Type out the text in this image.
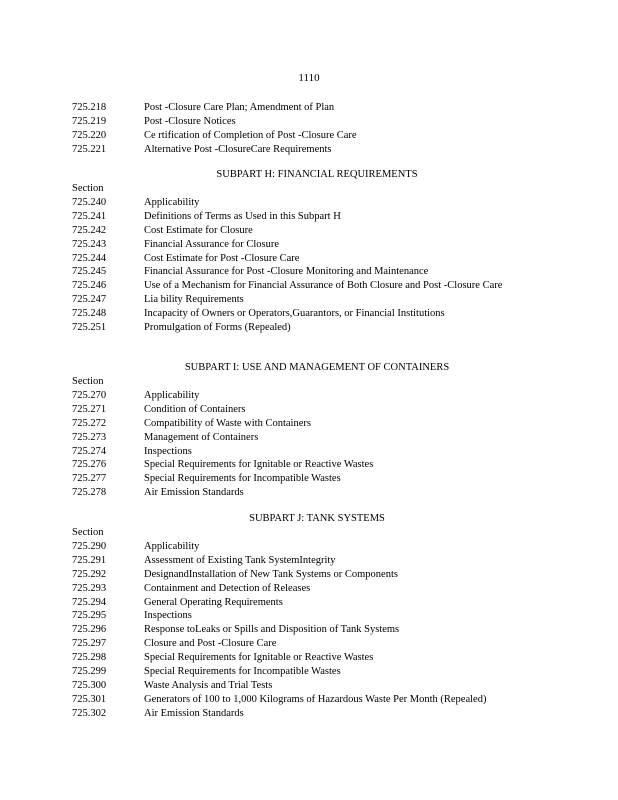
1110
725.218	Post -Closure Care Plan; Amendment of Plan
725.219	Post -Closure Notices
725.220	Ce rtification of Completion of Post -Closure Care
725.221	Alternative Post -ClosureCare Requirements
SUBPART H: FINANCIAL REQUIREMENTS
Section
725.240	Applicability
725.241	Definitions of Terms as Used in this Subpart H
725.242	Cost Estimate for Closure
725.243	Financial Assurance for Closure
725.244	Cost Estimate for Post -Closure Care
725.245	Financial Assurance for Post -Closure Monitoring and Maintenance
725.246	Use of a Mechanism for Financial Assurance of Both Closure and Post -Closure Care
725.247	Lia bility Requirements
725.248	Incapacity of Owners or Operators,Guarantors, or Financial Institutions
725.251	Promulgation of Forms (Repealed)
SUBPART I: USE AND MANAGEMENT OF CONTAINERS
Section
725.270	Applicability
725.271	Condition of Containers
725.272	Compatibility of Waste with Containers
725.273	Management of Containers
725.274	Inspections
725.276	Special Requirements for Ignitable or Reactive Wastes
725.277	Special Requirements for Incompatible Wastes
725.278	Air Emission Standards
SUBPART J: TANK SYSTEMS
Section
725.290	Applicability
725.291	Assessment of Existing Tank SystemIntegrity
725.292	DesignandInstallation of New Tank Systems or Components
725.293	Containment and Detection of Releases
725.294	General Operating Requirements
725.295	Inspections
725.296	Response toLeaks or Spills and Disposition of Tank Systems
725.297	Closure and Post -Closure Care
725.298	Special Requirements for Ignitable or Reactive Wastes
725.299	Special Requirements for Incompatible Wastes
725.300	Waste Analysis and Trial Tests
725.301	Generators of 100 to 1,000 Kilograms of Hazardous Waste Per Month (Repealed)
725.302	Air Emission Standards
